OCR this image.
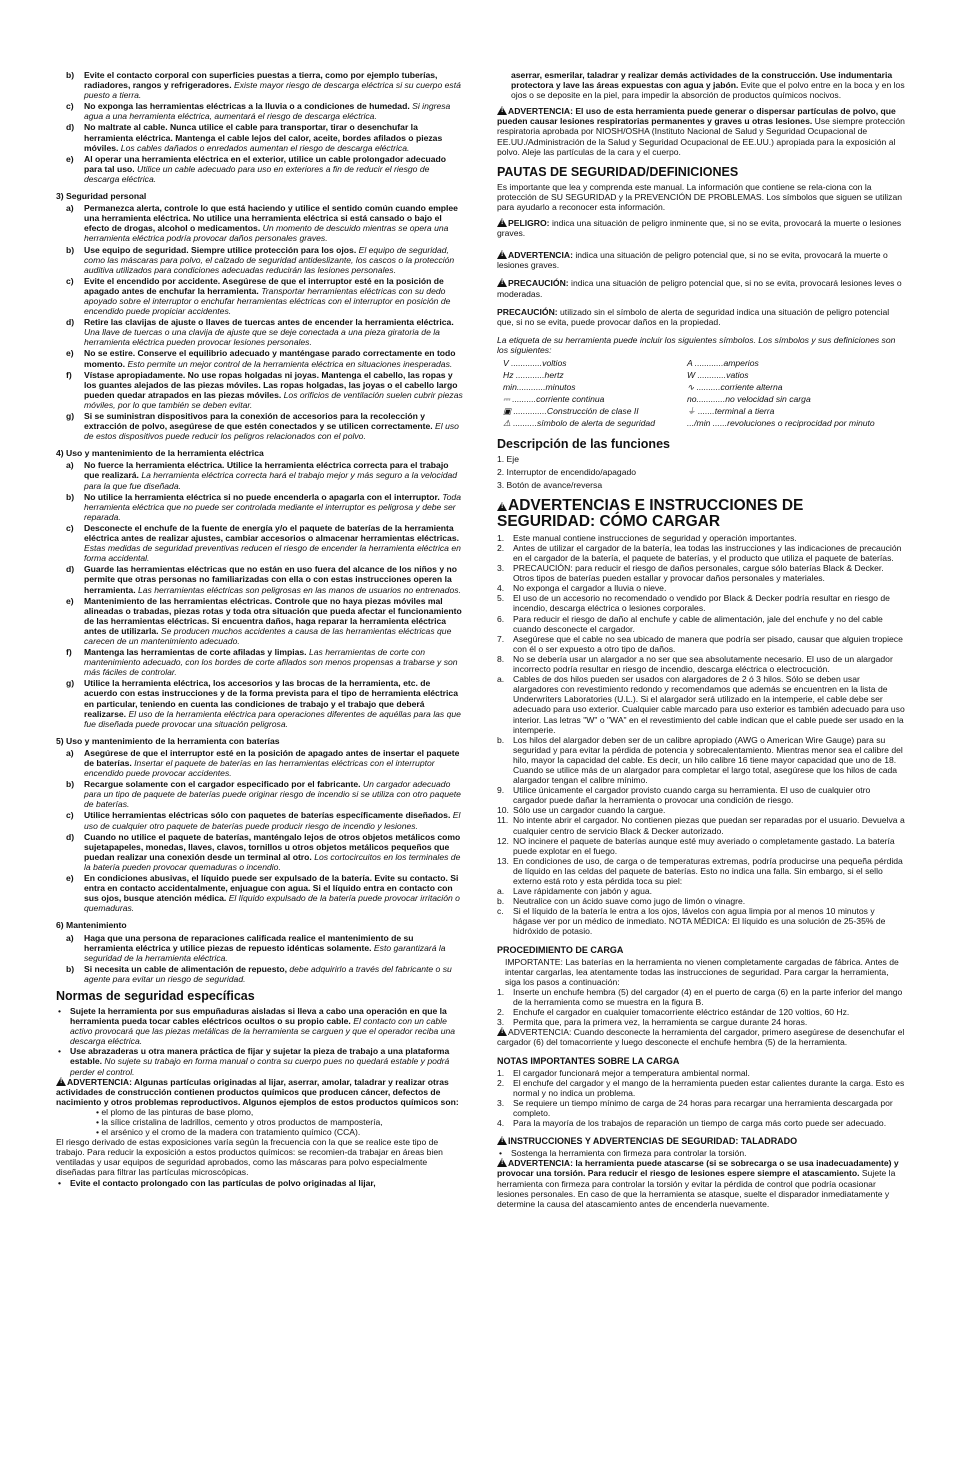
b) Evite el contacto corporal con superficies puestas a tierra, como por ejemplo tuberías, radiadores, rangos y refrigeradores. Existe mayor riesgo de descarga eléctrica si su cuerpo está puesto a tierra.
c) No exponga las herramientas eléctricas a la lluvia o a condiciones de humedad. Si ingresa agua a una herramienta eléctrica, aumentará el riesgo de descarga eléctrica.
d) No maltrate al cable. Nunca utilice el cable para transportar, tirar o desenchufar la herramienta eléctrica. Mantenga el cable lejos del calor, aceite, bordes afilados o piezas móviles. Los cables dañados o enredados aumentan el riesgo de descarga eléctrica.
e) Al operar una herramienta eléctrica en el exterior, utilice un cable prolongador adecuado para tal uso. Utilice un cable adecuado para uso en exteriores a fin de reducir el riesgo de descarga eléctrica.

3) Seguridad personal

a) Permanezca alerta, controle lo que está haciendo y utilice el sentido común cuando emplee una herramienta eléctrica. No utilice una herramienta eléctrica si está cansado o bajo el efecto de drogas, alcohol o medicamentos. Un momento de descuido mientras se opera una herramienta eléctrica podría provocar daños personales graves.
b) Use equipo de seguridad. Siempre utilice protección para los ojos. El equipo de seguridad, como las máscaras para polvo, el calzado de seguridad antideslizante, los cascos o la protección auditiva utilizados para condiciones adecuadas reducirán las lesiones personales.
c) Evite el encendido por accidente. Asegúrese de que el interruptor esté en la posición de apagado antes de enchufar la herramienta. Transportar herramientas eléctricas con su dedo apoyado sobre el interruptor o enchufar herramientas eléctricas con el interruptor en posición de encendido puede propiciar accidentes.
d) Retire las clavijas de ajuste o llaves de tuercas antes de encender la herramienta eléctrica. Una llave de tuercas o una clavija de ajuste que se deje conectada a una pieza giratoria de la herramienta eléctrica pueden provocar lesiones personales.
e) No se estire. Conserve el equilibrio adecuado y manténgase parado correctamente en todo momento. Esto permite un mejor control de la herramienta eléctrica en situaciones inesperadas.
f) Vístase apropiadamente. No use ropas holgadas ni joyas. Mantenga el cabello, las ropas y los guantes alejados de las piezas móviles. Las ropas holgadas, las joyas o el cabello largo pueden quedar atrapados en las piezas móviles. Los orificios de ventilación suelen cubrir piezas móviles, por lo que también se deben evitar.
g) Si se suministran dispositivos para la conexión de accesorios para la recolección y extracción de polvo, asegúrese de que estén conectados y se utilicen correctamente. El uso de estos dispositivos puede reducir los peligros relacionados con el polvo.

4) Uso y mantenimiento de la herramienta eléctrica

a) No fuerce la herramienta eléctrica. Utilice la herramienta eléctrica correcta para el trabajo que realizará. La herramienta eléctrica correcta hará el trabajo mejor y más seguro a la velocidad para la que fue diseñada.
b) No utilice la herramienta eléctrica si no puede encenderla o apagarla con el interruptor. Toda herramienta eléctrica que no puede ser controlada mediante el interruptor es peligrosa y debe ser reparada.
c) Desconecte el enchufe de la fuente de energía y/o el paquete de baterías de la herramienta eléctrica antes de realizar ajustes, cambiar accesorios o almacenar herramientas eléctricas. Estas medidas de seguridad preventivas reducen el riesgo de encender la herramienta eléctrica en forma accidental.
d) Guarde las herramientas eléctricas que no están en uso fuera del alcance de los niños y no permite que otras personas no familiarizadas con ella o con estas instrucciones operen la herramienta. Las herramientas eléctricas son peligrosas en las manos de usuarios no entrenados.
e) Mantenimiento de las herramientas eléctricas. Controle que no haya piezas móviles mal alineadas o trabadas, piezas rotas y toda otra situación que pueda afectar el funcionamiento de las herramientas eléctricas. Si encuentra daños, haga reparar la herramienta eléctrica antes de utilizarla. Se producen muchos accidentes a causa de las herramientas eléctricas que carecen de un mantenimiento adecuado.
f) Mantenga las herramientas de corte afiladas y limpias. Las herramientas de corte con mantenimiento adecuado, con los bordes de corte afilados son menos propensas a trabarse y son más fáciles de controlar.
g) Utilice la herramienta eléctrica, los accesorios y las brocas de la herramienta, etc. de acuerdo con estas instrucciones y de la forma prevista para el tipo de herramienta eléctrica en particular, teniendo en cuenta las condiciones de trabajo y el trabajo que deberá realizarse. El uso de la herramienta eléctrica para operaciones diferentes de aquéllas para las que fue diseñada puede provocar una situación peligrosa.

5) Uso y mantenimiento de la herramienta con baterías

a) Asegúrese de que el interruptor esté en la posición de apagado antes de insertar el paquete de baterías. Insertar el paquete de baterías en las herramientas eléctricas con el interruptor encendido puede provocar accidentes.
b) Recargue solamente con el cargador especificado por el fabricante. Un cargador adecuado para un tipo de paquete de baterías puede originar riesgo de incendio si se utiliza con otro paquete de baterías.
c) Utilice herramientas eléctricas sólo con paquetes de baterías específicamente diseñados. El uso de cualquier otro paquete de baterías puede producir riesgo de incendio y lesiones.
d) Cuando no utilice el paquete de baterías, manténgalo lejos de otros objetos metálicos como sujetapapeles, monedas, llaves, clavos, tornillos u otros objetos metálicos pequeños que puedan realizar una conexión desde un terminal al otro. Los cortocircuitos en los terminales de la batería pueden provocar quemaduras o incendio.
e) En condiciones abusivas, el líquido puede ser expulsado de la batería. Evite su contacto. Si entra en contacto accidentalmente, enjuague con agua. Si el líquido entra en contacto con sus ojos, busque atención médica. El líquido expulsado de la batería puede provocar irritación o quemaduras.

6) Mantenimiento

a) Haga que una persona de reparaciones calificada realice el mantenimiento de su herramienta eléctrica y utilice piezas de repuesto idénticas solamente. Esto garantizará la seguridad de la herramienta eléctrica.
b) Si necesita un cable de alimentación de repuesto, debe adquirirlo a través del fabricante o su agente para evitar un riesgo de seguridad.
Normas de seguridad específicas
• Sujete la herramienta por sus empuñaduras aisladas si lleva a cabo una operación en que la herramienta pueda tocar cables eléctricos ocultos o su propio cable. El contacto con un cable activo provocará que las piezas metálicas de la herramienta se carguen y que el operador reciba una descarga eléctrica.
• Use abrazaderas u otra manera práctica de fijar y sujetar la pieza de trabajo a una plataforma estable. No sujete su trabajo en forma manual o contra su cuerpo pues no quedará estable y podrá perder el control.

!ADVERTENCIA: Algunas partículas originadas al lijar, aserrar, amolar, taladrar y realizar otras actividades de construcción contienen productos químicos que producen cáncer, defectos de nacimiento y otros problemas reproductivos. Algunos ejemplos de estos productos químicos son:

• el plomo de las pinturas de base plomo,
• la sílice cristalina de ladrillos, cemento y otros productos de mampostería,
• el arsénico y el cromo de la madera con tratamiento químico (CCA).

El riesgo derivado de estas exposiciones varía según la frecuencia con la que se realice este tipo de trabajo. Para reducir la exposición a estos productos químicos: se recomien-da trabajar en áreas bien ventiladas y usar equipos de seguridad aprobados, como las máscaras para polvo especialmente diseñadas para filtrar las partículas microscópicas.

• Evite el contacto prolongado con las partículas de polvo originadas al lijar,

aserrar, esmerilar, taladrar y realizar demás actividades de la construcción. Use indumentaria protectora y lave las áreas expuestas con agua y jabón. Evite que el polvo entre en la boca y en los ojos o se deposite en la piel, para impedir la absorción de productos químicos nocivos.

!ADVERTENCIA: El uso de esta herramienta puede generar o dispersar partículas de polvo, que pueden causar lesiones respiratorias permanentes y graves u otras lesiones. Use siempre protección respiratoria aprobada por NIOSH/OSHA (Instituto Nacional de Salud y Seguridad Ocupacional de EE.UU./Administración de la Salud y Seguridad Ocupacional de EE.UU.) apropiada para la exposición al polvo. Aleje las partículas de la cara y el cuerpo.

PAUTAS DE SEGURIDAD/DEFINICIONES

Es importante que lea y comprenda este manual. La información que contiene se rela-ciona con la protección de SU SEGURIDAD y la PREVENCIÓN DE PROBLEMAS. Los símbolos que siguen se utilizan para ayudarlo a reconocer esta información.

!PELIGRO: indica una situación de peligro inminente que, si no se evita, provocará la muerte o lesiones graves.

!ADVERTENCIA: indica una situación de peligro potencial que, si no se evita, provocará la muerte o lesiones graves.

!PRECAUCIÓN: indica una situación de peligro potencial que, si no se evita, provocará lesiones leves o moderadas.

PRECAUCIÓN: utilizado sin el símbolo de alerta de seguridad indica una situación de peligro potencial que, si no se evita, puede provocar daños en la propiedad.

La etiqueta de su herramienta puede incluir los siguientes símbolos. Los símbolos y sus definiciones son los siguientes:

V .............voltios	A ............amperios
Hz ............hertz	W ............vatios
min............minutos	∿ ..........corriente alterna
⎓ ..........corriente continua	no............no velocidad sin carga
▣ ..............Construcción de clase II	⏚ .......terminal a tierra
⚠ ..........símbolo de alerta de seguridad	.../min ......revoluciones o reciprocidad por minuto
Descripción de las funciones
1. Eje
2. Interruptor de encendido/apagado
3. Botón de avance/reversa
!ADVERTENCIAS E INSTRUCCIONES DE SEGURIDAD: CÓMO CARGAR
1. Este manual contiene instrucciones de seguridad y operación importantes.
2. Antes de utilizar el cargador de la batería, lea todas las instrucciones y las indicaciones de precaución en el cargador de la batería, el paquete de baterías, y el producto que utiliza el paquete de baterías.
3. PRECAUCIÓN: para reducir el riesgo de daños personales, cargue sólo baterías Black & Decker. Otros tipos de baterías pueden estallar y provocar daños personales y materiales.
4. No exponga el cargador a lluvia o nieve.
5. El uso de un accesorio no recomendado o vendido por Black & Decker podría resultar en riesgo de incendio, descarga eléctrica o lesiones corporales.
6. Para reducir el riesgo de daño al enchufe y cable de alimentación, jale del enchufe y no del cable cuando desconecte el cargador.
7. Asegúrese que el cable no sea ubicado de manera que podría ser pisado, causar que alguien tropiece con él o ser expuesto a otro tipo de daños.
8. No se debería usar un alargador a no ser que sea absolutamente necesario. El uso de un alargador incorrecto podría resultar en riesgo de incendio, descarga eléctrica o electrocución.
a. Cables de dos hilos pueden ser usados con alargadores de 2 ó 3 hilos. Sólo se deben usar alargadores con revestimiento redondo y recomendamos que además se encuentren en la lista de Underwriters Laboratories (U.L.). Si el alargador será utilizado en la intemperie, el cable debe ser adecuado para uso exterior. Cualquier cable marcado para uso exterior es también adecuado para uso interior. Las letras "W" o "WA" en el revestimiento del cable indican que el cable puede ser usado en la intemperie.
b. Los hilos del alargador deben ser de un calibre apropiado (AWG o American Wire Gauge) para su seguridad y para evitar la pérdida de potencia y sobrecalentamiento. Mientras menor sea el calibre del hilo, mayor la capacidad del cable. Es decir, un hilo calibre 16 tiene mayor capacidad que uno de 18. Cuando se utilice más de un alargador para completar el largo total, asegúrese que los hilos de cada alargador tengan el calibre mínimo.
9. Utilice únicamente el cargador provisto cuando carga su herramienta. El uso de cualquier otro cargador puede dañar la herramienta o provocar una condición de riesgo.
10. Sólo use un cargador cuando la cargue.
11. No intente abrir el cargador. No contienen piezas que puedan ser reparadas por el usuario. Devuelva a cualquier centro de servicio Black & Decker autorizado.
12. NO incinere el paquete de baterías aunque esté muy averiado o completamente gastado. La batería puede explotar en el fuego.
13. En condiciones de uso, de carga o de temperaturas extremas, podría producirse una pequeña pérdida de líquido en las celdas del paquete de baterías. Esto no indica una falla. Sin embargo, si el sello externo está roto y esta pérdida toca su piel:
a. Lave rápidamente con jabón y agua.
b. Neutralice con un ácido suave como jugo de limón o vinagre.
c. Si el líquido de la batería le entra a los ojos, lávelos con agua limpia por al menos 10 minutos y hágase ver por un médico de inmediato. NOTA MÉDICA: El líquido es una solución de 25-35% de hidróxido de potasio.
PROCEDIMIENTO DE CARGA

IMPORTANTE: Las baterías en la herramienta no vienen completamente cargadas de fábrica. Antes de intentar cargarlas, lea atentamente todas las instrucciones de seguridad. Para cargar la herramienta, siga los pasos a continuación:

1. Inserte un enchufe hembra (5) del cargador (4) en el puerto de carga (6) en la parte inferior del mango de la herramienta como se muestra en la figura B.
2. Enchufe el cargador en cualquier tomacorriente eléctrico estándar de 120 voltios, 60 Hz.
3. Permita que, para la primera vez, la herramienta se cargue durante 24 horas.

!ADVERTENCIA: Cuando desconecte la herramienta del cargador, primero asegúrese de desenchufar el cargador (6) del tomacorriente y luego desconecte el enchufe hembra (5) de la herramienta.

NOTAS IMPORTANTES SOBRE LA CARGA
1. El cargador funcionará mejor a temperatura ambiental normal.
2. El enchufe del cargador y el mango de la herramienta pueden estar calientes durante la carga. Esto es normal y no indica un problema.
3. Se requiere un tiempo mínimo de carga de 24 horas para recargar una herramienta descargada por completo.
4. Para la mayoría de los trabajos de reparación un tiempo de carga más corto puede ser adecuado.
!INSTRUCCIONES Y ADVERTENCIAS DE SEGURIDAD: TALADRADO
• Sostenga la herramienta con firmeza para controlar la torsión.

!ADVERTENCIA: la herramienta puede atascarse (si se sobrecarga o se usa inadecuadamente) y provocar una torsión. Para reducir el riesgo de lesiones espere siempre el atascamiento. Sujete la herramienta con firmeza para controlar la torsión y evitar la pérdida de control que podría ocasionar lesiones personales. En caso de que la herramienta se atasque, suelte el disparador inmediatamente y determine la causa del atascamiento antes de encenderla nuevamente.
